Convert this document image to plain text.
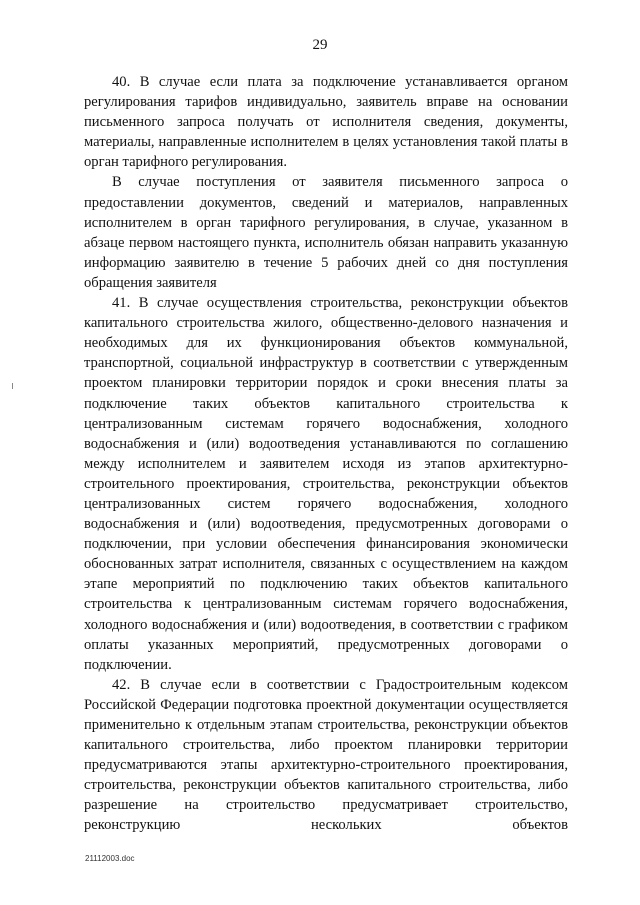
29

40. В случае если плата за подключение устанавливается органом регулирования тарифов индивидуально, заявитель вправе на основании письменного запроса получать от исполнителя сведения, документы, материалы, направленные исполнителем в целях установления такой платы в орган тарифного регулирования.

В случае поступления от заявителя письменного запроса о предоставлении документов, сведений и материалов, направленных исполнителем в орган тарифного регулирования, в случае, указанном в абзаце первом настоящего пункта, исполнитель обязан направить указанную информацию заявителю в течение 5 рабочих дней со дня поступления обращения заявителя

41. В случае осуществления строительства, реконструкции объектов капитального строительства жилого, общественно-делового назначения и необходимых для их функционирования объектов коммунальной, транспортной, социальной инфраструктур в соответствии с утвержденным проектом планировки территории порядок и сроки внесения платы за подключение таких объектов капитального строительства к централизованным системам горячего водоснабжения, холодного водоснабжения и (или) водоотведения устанавливаются по соглашению между исполнителем и заявителем исходя из этапов архитектурно-строительного проектирования, строительства, реконструкции объектов централизованных систем горячего водоснабжения, холодного водоснабжения и (или) водоотведения, предусмотренных договорами о подключении, при условии обеспечения финансирования экономически обоснованных затрат исполнителя, связанных с осуществлением на каждом этапе мероприятий по подключению таких объектов капитального строительства к централизованным системам горячего водоснабжения, холодного водоснабжения и (или) водоотведения, в соответствии с графиком оплаты указанных мероприятий, предусмотренных договорами о подключении.

42. В случае если в соответствии с Градостроительным кодексом Российской Федерации подготовка проектной документации осуществляется применительно к отдельным этапам строительства, реконструкции объектов капитального строительства, либо проектом планировки территории предусматриваются этапы архитектурно-строительного проектирования, строительства, реконструкции объектов капитального строительства, либо разрешение на строительство предусматривает строительство, реконструкцию нескольких объектов

21112003.doc
